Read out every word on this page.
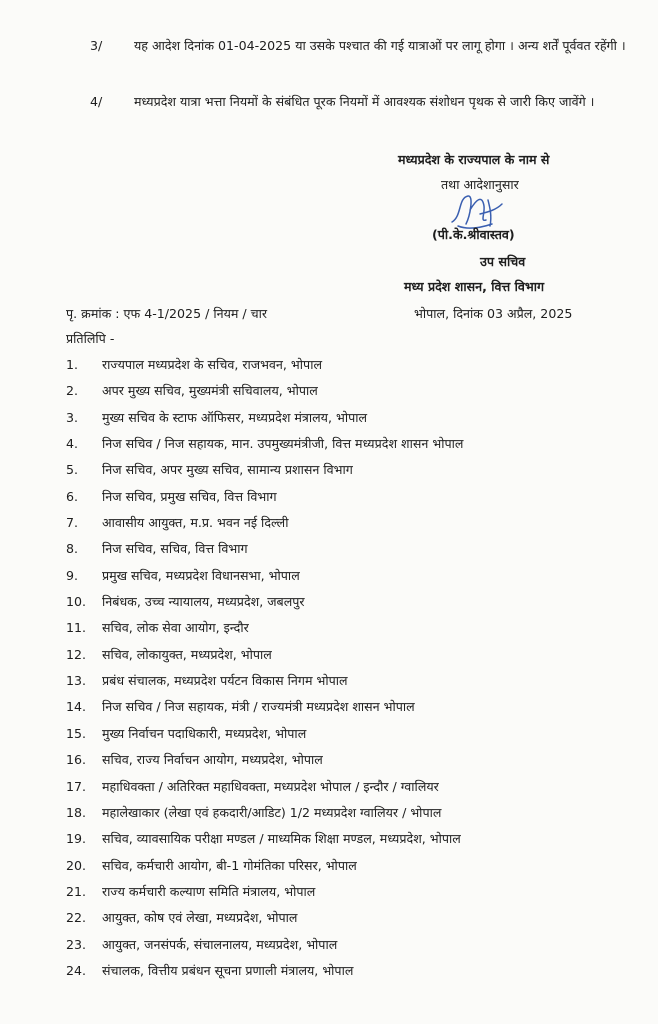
3/	यह आदेश दिनांक 01-04-2025 या उसके पश्चात की गई यात्राओं पर लागू होगा । अन्य शर्तें पूर्ववत रहेंगी ।
4/	मध्यप्रदेश यात्रा भत्ता नियमों के संबंधित पूरक नियमों में आवश्यक संशोधन पृथक से जारी किए जावेंगे ।
मध्यप्रदेश के राज्यपाल के नाम से
तथा आदेशानुसार
(पी.के.श्रीवास्तव)
उप सचिव
मध्य प्रदेश शासन, वित्त विभाग
पृ. क्रमांक : एफ 4-1/2025 / नियम / चार	भोपाल, दिनांक 03 अप्रैल, 2025
प्रतिलिपि -
1.	राज्यपाल मध्यप्रदेश के सचिव, राजभवन, भोपाल
2.	अपर मुख्य सचिव, मुख्यमंत्री सचिवालय, भोपाल
3.	मुख्य सचिव के स्टाफ ऑफिसर, मध्यप्रदेश मंत्रालय, भोपाल
4.	निज सचिव / निज सहायक, मान. उपमुख्यमंत्रीजी, वित्त मध्यप्रदेश शासन भोपाल
5.	निज सचिव, अपर मुख्य सचिव, सामान्य प्रशासन विभाग
6.	निज सचिव, प्रमुख सचिव, वित्त विभाग
7.	आवासीय आयुक्त, म.प्र. भवन नई दिल्ली
8.	निज सचिव, सचिव, वित्त विभाग
9.	प्रमुख सचिव, मध्यप्रदेश विधानसभा, भोपाल
10.	निबंधक, उच्च न्यायालय, मध्यप्रदेश, जबलपुर
11.	सचिव, लोक सेवा आयोग, इन्दौर
12.	सचिव, लोकायुक्त, मध्यप्रदेश, भोपाल
13.	प्रबंध संचालक, मध्यप्रदेश पर्यटन विकास निगम भोपाल
14.	निज सचिव / निज सहायक, मंत्री / राज्यमंत्री मध्यप्रदेश शासन भोपाल
15.	मुख्य निर्वाचन पदाधिकारी, मध्यप्रदेश, भोपाल
16.	सचिव, राज्य निर्वाचन आयोग, मध्यप्रदेश, भोपाल
17.	महाधिवक्ता / अतिरिक्त महाधिवक्ता, मध्यप्रदेश भोपाल / इन्दौर / ग्वालियर
18.	महालेखाकार (लेखा एवं हकदारी/आडिट) 1/2 मध्यप्रदेश ग्वालियर / भोपाल
19.	सचिव, व्यावसायिक परीक्षा मण्डल / माध्यमिक शिक्षा मण्डल, मध्यप्रदेश, भोपाल
20.	सचिव, कर्मचारी आयोग, बी-1 गोमंतिका परिसर, भोपाल
21.	राज्य कर्मचारी कल्याण समिति मंत्रालय, भोपाल
22.	आयुक्त, कोष एवं लेखा, मध्यप्रदेश, भोपाल
23.	आयुक्त, जनसंपर्क, संचालनालय, मध्यप्रदेश, भोपाल
24.	संचालक, वित्तीय प्रबंधन सूचना प्रणाली मंत्रालय, भोपाल
